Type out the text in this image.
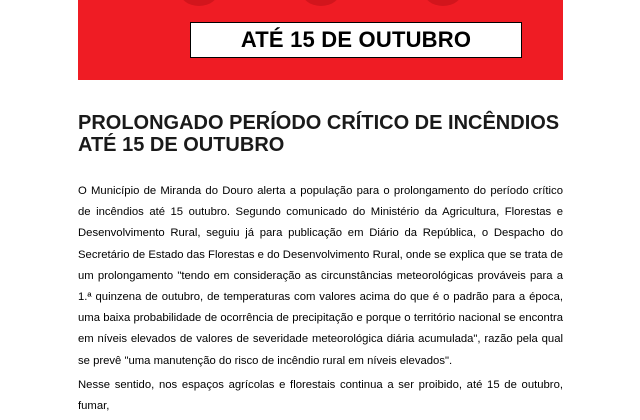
ATÉ 15 DE OUTUBRO
PROLONGADO PERÍODO CRÍTICO DE INCÊNDIOS
ATÉ 15 DE OUTUBRO

O Município de Miranda do Douro alerta a população para o prolongamento do período crítico de incêndios até 15 outubro. Segundo comunicado do Ministério da Agricultura, Florestas e Desenvolvimento Rural, seguiu já para publicação em Diário da República, o Despacho do Secretário de Estado das Florestas e do Desenvolvimento Rural, onde se explica que se trata de um prolongamento "tendo em consideração as circunstâncias meteorológicas prováveis para a 1.ª quinzena de outubro, de temperaturas com valores acima do que é o padrão para a época, uma baixa probabilidade de ocorrência de precipitação e porque o território nacional se encontra em níveis elevados de valores de severidade meteorológica diária acumulada", razão pela qual se prevê "uma manutenção do risco de incêndio rural em níveis elevados".

Nesse sentido, nos espaços agrícolas e florestais continua a ser proibido, até 15 de outubro, fumar,
